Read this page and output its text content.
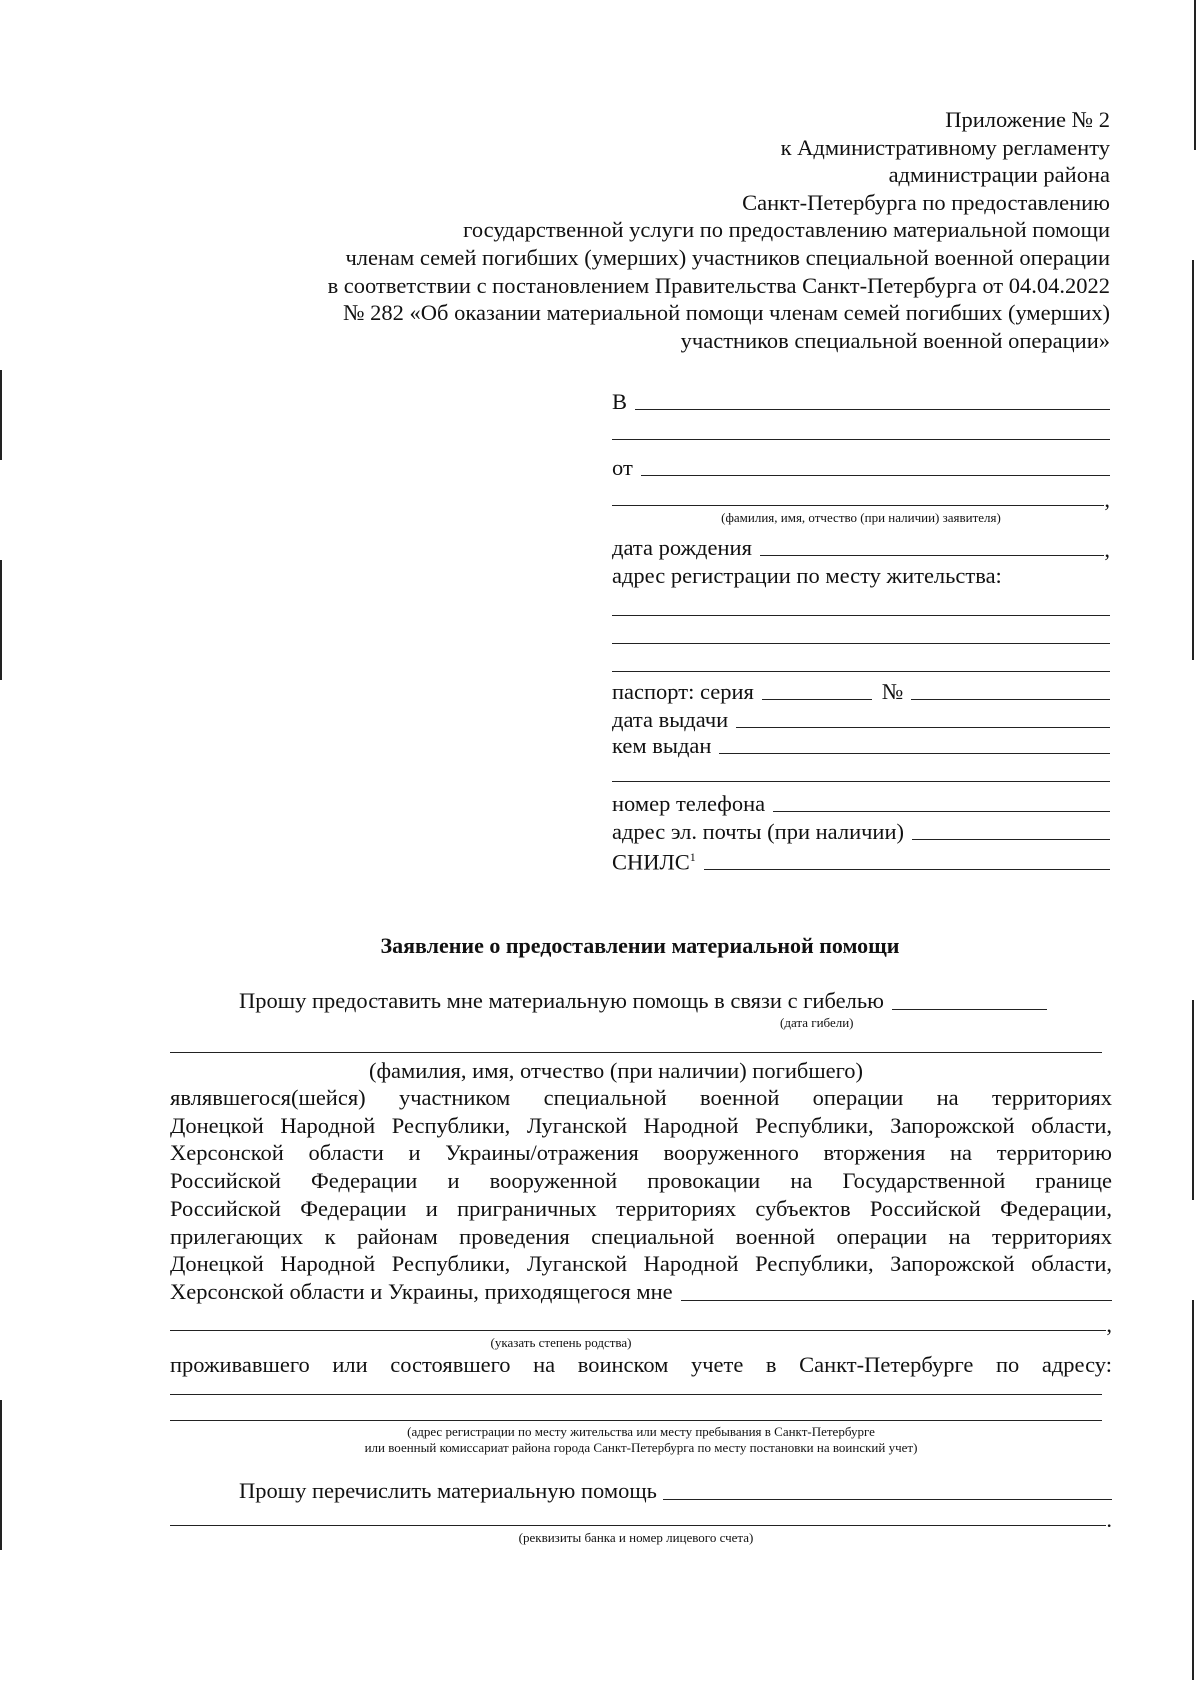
Приложение № 2
к Административному регламенту
администрации района
Санкт-Петербурга по предоставлению
государственной услуги по предоставлению материальной помощи
членам семей погибших (умерших) участников специальной военной операции
в соответствии с постановлением Правительства Санкт-Петербурга от 04.04.2022
№ 282 «Об оказании материальной помощи членам семей погибших (умерших)
участников специальной военной операции»
В
от
,
(фамилия, имя, отчество (при наличии) заявителя)
дата рождения	,
адрес регистрации по месту жительства:
паспорт: серия	№
дата выдачи
кем выдан
номер телефона
адрес эл. почты (при наличии)
СНИЛС$^1$
Заявление о предоставлении материальной помощи
Прошу предоставить мне материальную помощь в связи с гибелью
(дата гибели)
(фамилия, имя, отчество (при наличии) погибшего)
являвшегося(шейся) участником специальной военной операции на территориях
Донецкой Народной Республики, Луганской Народной Республики, Запорожской области,
Херсонской области и Украины/отражения вооруженного вторжения на территорию
Российской Федерации и вооруженной провокации на Государственной границе
Российской Федерации и приграничных территориях субъектов Российской Федерации,
прилегающих к районам проведения специальной военной операции на территориях
Донецкой Народной Республики, Луганской Народной Республики, Запорожской области,
Херсонской области и Украины, приходящегося мне
,
(указать степень родства)
проживавшего или состоявшего на воинском учете в Санкт-Петербурге по адресу:
(адрес регистрации по месту жительства или месту пребывания в Санкт-Петербурге
или военный комиссариат района города Санкт-Петербурга по месту постановки на воинский учет)
Прошу перечислить материальную помощь
.
(реквизиты банка и номер лицевого счета)
